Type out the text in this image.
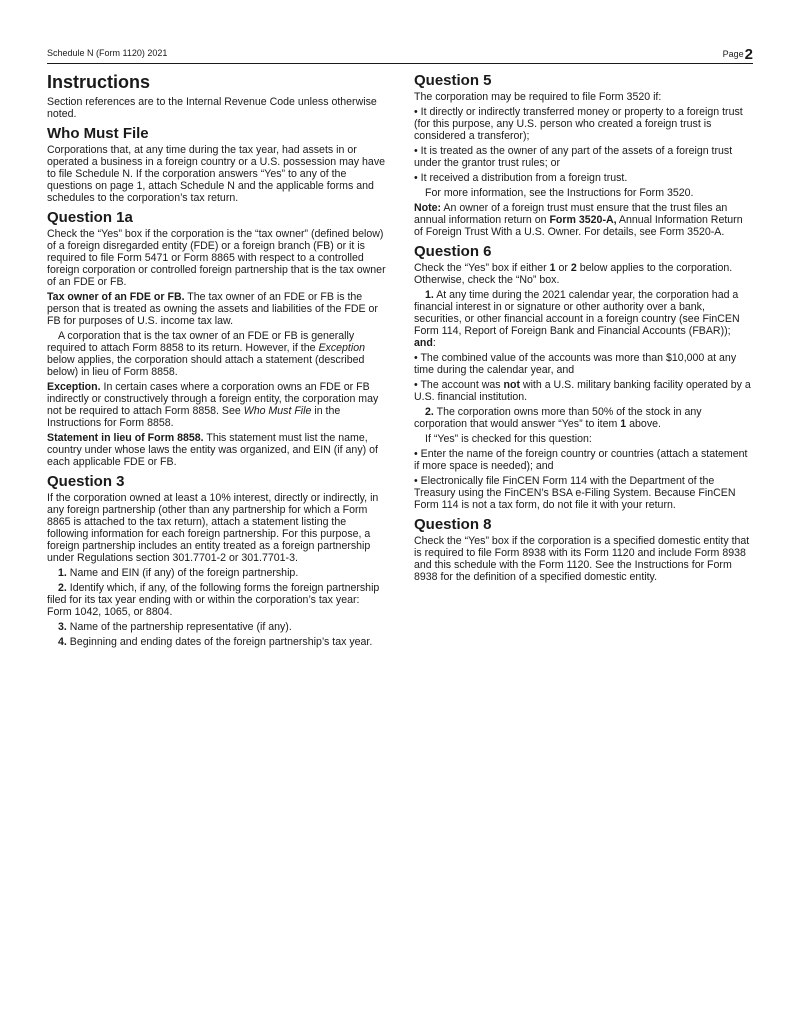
Schedule N (Form 1120) 2021	Page2
Instructions

Section references are to the Internal Revenue Code unless otherwise noted.

Who Must File

Corporations that, at any time during the tax year, had assets in or operated a business in a foreign country or a U.S. possession may have to file Schedule N. If the corporation answers “Yes” to any of the questions on page 1, attach Schedule N and the applicable forms and schedules to the corporation’s tax return.

Question 1a

Check the “Yes” box if the corporation is the “tax owner” (defined below) of a foreign disregarded entity (FDE) or a foreign branch (FB) or it is required to file Form 5471 or Form 8865 with respect to a controlled foreign corporation or controlled foreign partnership that is the tax owner of an FDE or FB.

Tax owner of an FDE or FB. The tax owner of an FDE or FB is the person that is treated as owning the assets and liabilities of the FDE or FB for purposes of U.S. income tax law.

A corporation that is the tax owner of an FDE or FB is generally required to attach Form 8858 to its return. However, if the Exception below applies, the corporation should attach a statement (described below) in lieu of Form 8858.

Exception. In certain cases where a corporation owns an FDE or FB indirectly or constructively through a foreign entity, the corporation may not be required to attach Form 8858. See Who Must File in the Instructions for Form 8858.

Statement in lieu of Form 8858. This statement must list the name, country under whose laws the entity was organized, and EIN (if any) of each applicable FDE or FB.

Question 3

If the corporation owned at least a 10% interest, directly or indirectly, in any foreign partnership (other than any partnership for which a Form 8865 is attached to the tax return), attach a statement listing the following information for each foreign partnership. For this purpose, a foreign partnership includes an entity treated as a foreign partnership under Regulations section 301.7701-2 or 301.7701-3.

1. Name and EIN (if any) of the foreign partnership.

2. Identify which, if any, of the following forms the foreign partnership filed for its tax year ending with or within the corporation’s tax year: Form 1042, 1065, or 8804.

3. Name of the partnership representative (if any).

4. Beginning and ending dates of the foreign partnership’s tax year.

Question 5

The corporation may be required to file Form 3520 if:

• It directly or indirectly transferred money or property to a foreign trust (for this purpose, any U.S. person who created a foreign trust is considered a transferor);

• It is treated as the owner of any part of the assets of a foreign trust under the grantor trust rules; or

• It received a distribution from a foreign trust.

For more information, see the Instructions for Form 3520.

Note: An owner of a foreign trust must ensure that the trust files an annual information return on Form 3520-A, Annual Information Return of Foreign Trust With a U.S. Owner. For details, see Form 3520-A.

Question 6

Check the “Yes” box if either 1 or 2 below applies to the corporation. Otherwise, check the “No” box.

1. At any time during the 2021 calendar year, the corporation had a financial interest in or signature or other authority over a bank, securities, or other financial account in a foreign country (see FinCEN Form 114, Report of Foreign Bank and Financial Accounts (FBAR)); and:

• The combined value of the accounts was more than $10,000 at any time during the calendar year, and

• The account was not with a U.S. military banking facility operated by a U.S. financial institution.

2. The corporation owns more than 50% of the stock in any corporation that would answer “Yes” to item 1 above.

If “Yes” is checked for this question:

• Enter the name of the foreign country or countries (attach a statement if more space is needed); and

• Electronically file FinCEN Form 114 with the Department of the Treasury using the FinCEN’s BSA e-Filing System. Because FinCEN Form 114 is not a tax form, do not file it with your return.

Question 8

Check the “Yes” box if the corporation is a specified domestic entity that is required to file Form 8938 with its Form 1120 and include Form 8938 and this schedule with the Form 1120. See the Instructions for Form 8938 for the definition of a specified domestic entity.
